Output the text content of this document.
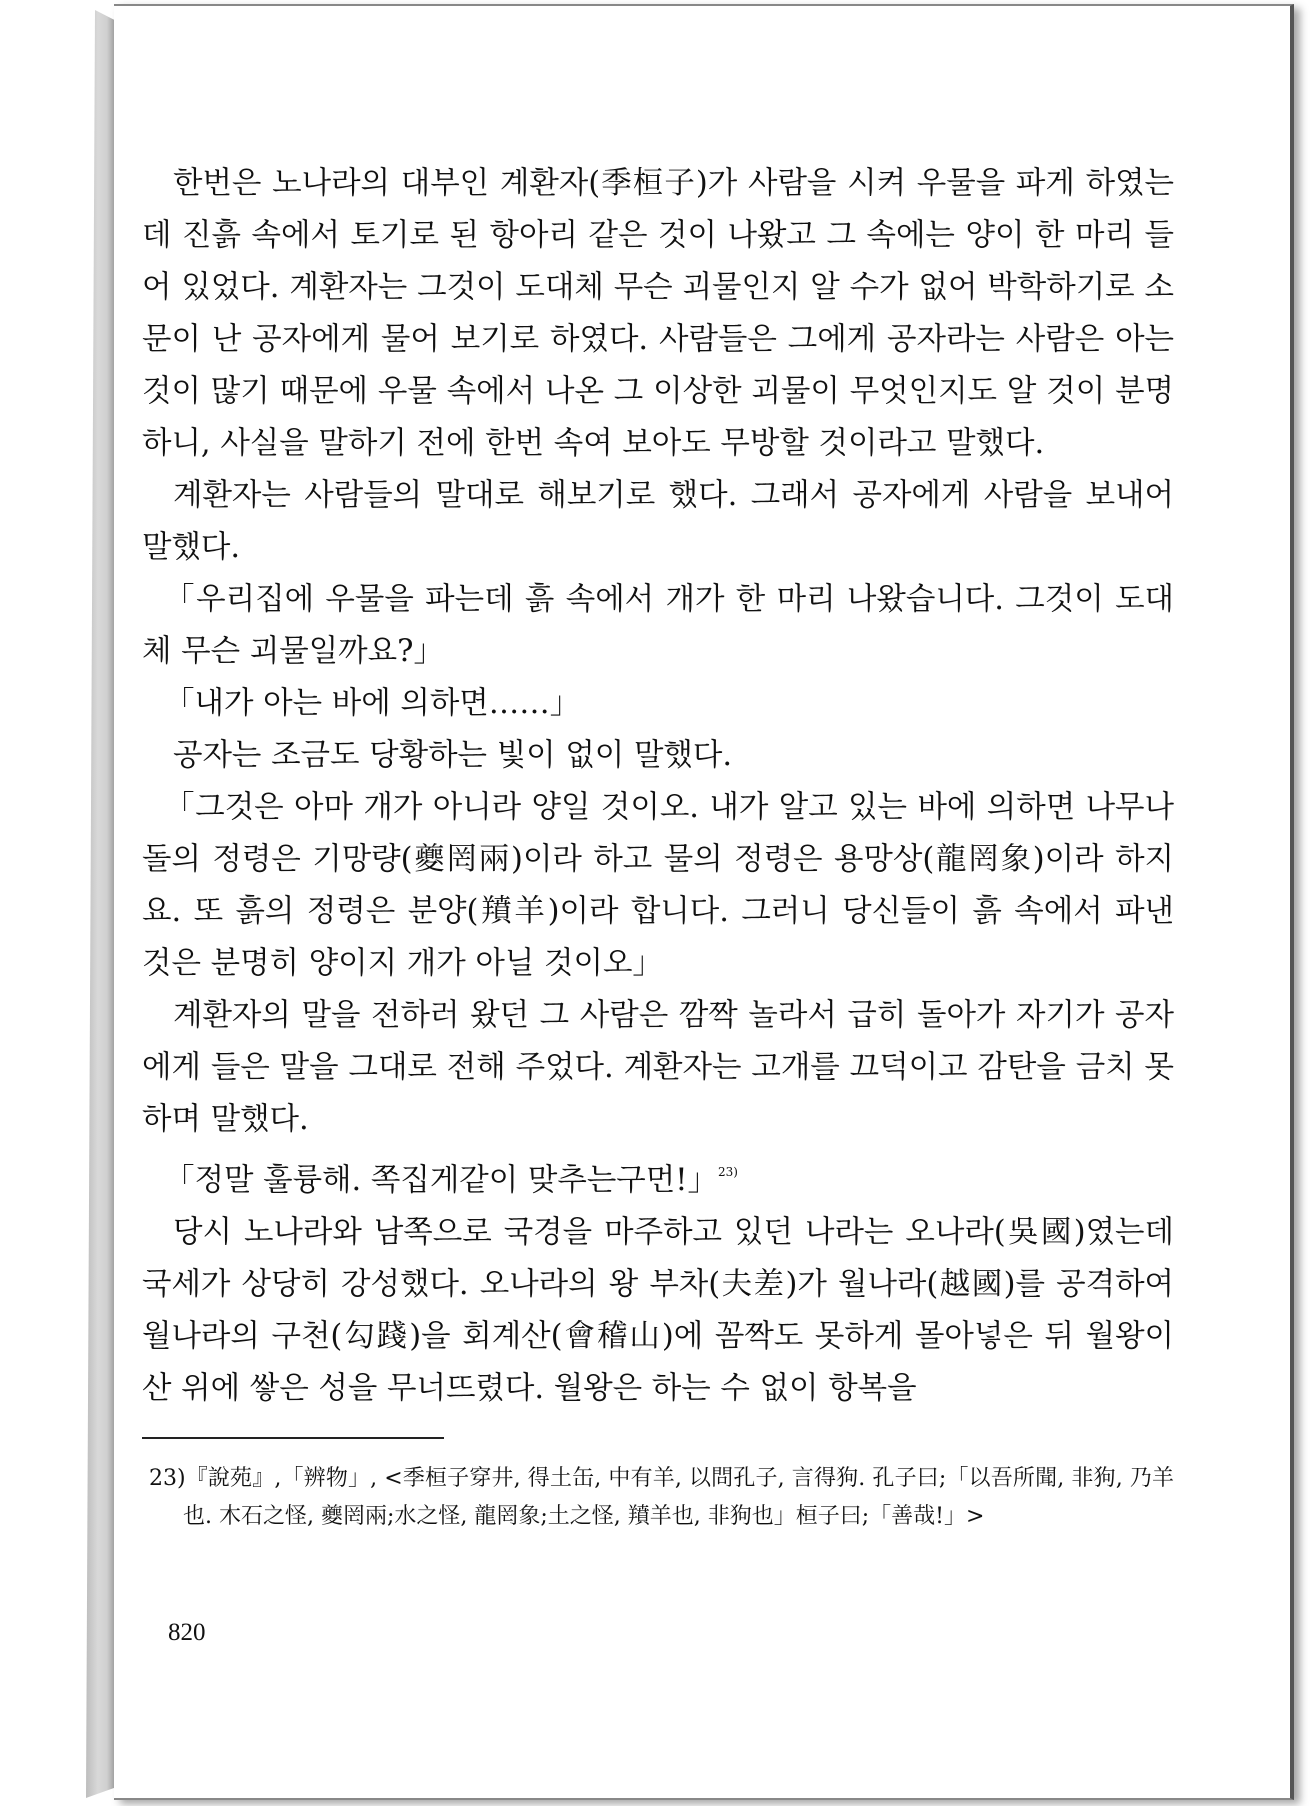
한번은 노나라의 대부인 계환자(季桓子)가 사람을 시켜 우물을 파게 하였는데 진흙 속에서 토기로 된 항아리 같은 것이 나왔고 그 속에는 양이 한 마리 들어 있었다. 계환자는 그것이 도대체 무슨 괴물인지 알 수가 없어 박학하기로 소문이 난 공자에게 물어 보기로 하였다. 사람들은 그에게 공자라는 사람은 아는 것이 많기 때문에 우물 속에서 나온 그 이상한 괴물이 무엇인지도 알 것이 분명하니, 사실을 말하기 전에 한번 속여 보아도 무방할 것이라고 말했다.

계환자는 사람들의 말대로 해보기로 했다. 그래서 공자에게 사람을 보내어 말했다.

「우리집에 우물을 파는데 흙 속에서 개가 한 마리 나왔습니다. 그것이 도대체 무슨 괴물일까요?」

「내가 아는 바에 의하면……」

공자는 조금도 당황하는 빛이 없이 말했다.

「그것은 아마 개가 아니라 양일 것이오. 내가 알고 있는 바에 의하면 나무나 돌의 정령은 기망량(夔罔兩)이라 하고 물의 정령은 용망상(龍罔象)이라 하지요. 또 흙의 정령은 분양(羵羊)이라 합니다. 그러니 당신들이 흙 속에서 파낸 것은 분명히 양이지 개가 아닐 것이오」

계환자의 말을 전하러 왔던 그 사람은 깜짝 놀라서 급히 돌아가 자기가 공자에게 들은 말을 그대로 전해 주었다. 계환자는 고개를 끄덕이고 감탄을 금치 못하며 말했다.

「정말 훌륭해. 쪽집게같이 맞추는구먼!」$^{23)}$

당시 노나라와 남쪽으로 국경을 마주하고 있던 나라는 오나라(吳國)였는데 국세가 상당히 강성했다. 오나라의 왕 부차(夫差)가 월나라(越國)를 공격하여 월나라의 구천(勾踐)을 회계산(會稽山)에 꼼짝도 못하게 몰아넣은 뒤 월왕이 산 위에 쌓은 성을 무너뜨렸다. 월왕은 하는 수 없이 항복을

23)『說苑』,「辨物」, <季桓子穿井, 得土缶, 中有羊, 以問孔子, 言得狗. 孔子曰;「以吾所聞, 非狗, 乃羊也. 木石之怪, 夔罔兩;水之怪, 龍罔象;土之怪, 羵羊也, 非狗也」桓子曰;「善哉!」>
820
